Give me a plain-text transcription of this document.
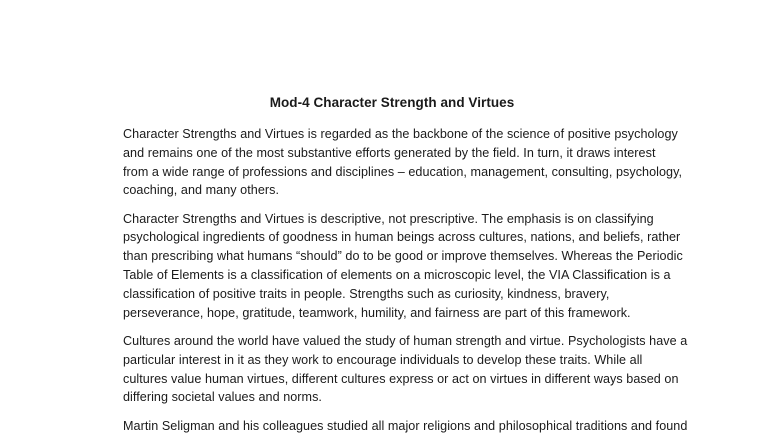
Mod-4 Character Strength and Virtues

Character Strengths and Virtues is regarded as the backbone of the science of positive psychology
and remains one of the most substantive efforts generated by the field. In turn, it draws interest
from a wide range of professions and disciplines – education, management, consulting, psychology,
coaching, and many others.

Character Strengths and Virtues is descriptive, not prescriptive. The emphasis is on classifying
psychological ingredients of goodness in human beings across cultures, nations, and beliefs, rather
than prescribing what humans “should” do to be good or improve themselves. Whereas the Periodic
Table of Elements is a classification of elements on a microscopic level, the VIA Classification is a
classification of positive traits in people. Strengths such as curiosity, kindness, bravery,
perseverance, hope, gratitude, teamwork, humility, and fairness are part of this framework.

Cultures around the world have valued the study of human strength and virtue. Psychologists have a
particular interest in it as they work to encourage individuals to develop these traits. While all
cultures value human virtues, different cultures express or act on virtues in different ways based on
differing societal values and norms.

Martin Seligman and his colleagues studied all major religions and philosophical traditions and found
